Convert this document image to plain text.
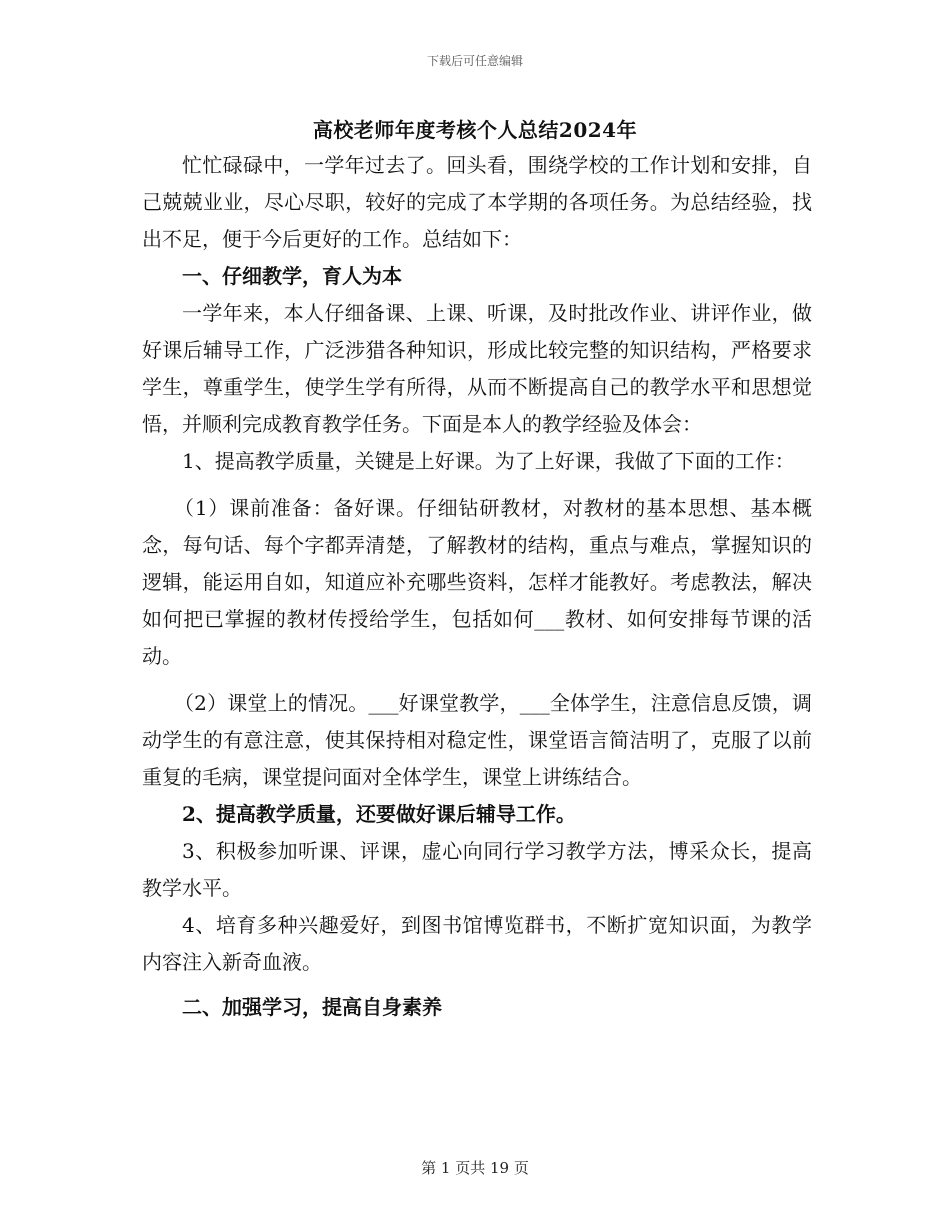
下载后可任意编辑
高校老师年度考核个人总结2024年

忙忙碌碌中，一学年过去了。回头看，围绕学校的工作计划和安排，自己兢兢业业，尽心尽职，较好的完成了本学期的各项任务。为总结经验，找出不足，便于今后更好的工作。总结如下：

一、仔细教学，育人为本

一学年来，本人仔细备课、上课、听课，及时批改作业、讲评作业，做好课后辅导工作，广泛涉猎各种知识，形成比较完整的知识结构，严格要求学生，尊重学生，使学生学有所得，从而不断提高自己的教学水平和思想觉悟，并顺利完成教育教学任务。下面是本人的教学经验及体会：

1、提高教学质量，关键是上好课。为了上好课，我做了下面的工作：

（1）课前准备：备好课。仔细钻研教材，对教材的基本思想、基本概念，每句话、每个字都弄清楚，了解教材的结构，重点与难点，掌握知识的逻辑，能运用自如，知道应补充哪些资料，怎样才能教好。考虑教法，解决如何把已掌握的教材传授给学生，包括如何___教材、如何安排每节课的活动。

（2）课堂上的情况。___好课堂教学，___全体学生，注意信息反馈，调动学生的有意注意，使其保持相对稳定性，课堂语言简洁明了，克服了以前重复的毛病，课堂提问面对全体学生，课堂上讲练结合。

2、提高教学质量，还要做好课后辅导工作。

3、积极参加听课、评课，虚心向同行学习教学方法，博采众长，提高教学水平。

4、培育多种兴趣爱好，到图书馆博览群书，不断扩宽知识面，为教学内容注入新奇血液。

二、加强学习，提高自身素养

第 1 页共 19 页
